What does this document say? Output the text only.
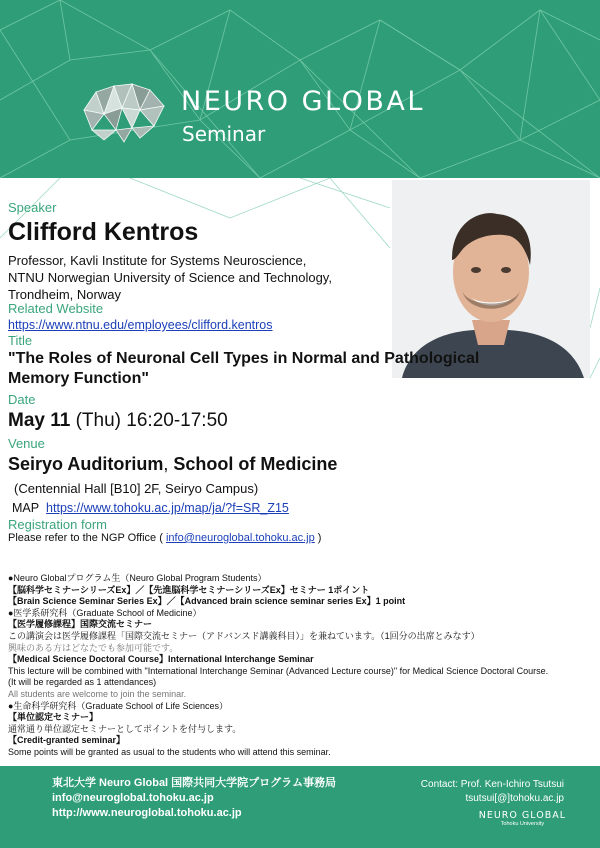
NEURO GLOBAL
Seminar
Speaker
Clifford Kentros
Professor, Kavli Institute for Systems Neuroscience,
NTNU Norwegian University of Science and Technology,
Trondheim, Norway
Related Website
https://www.ntnu.edu/employees/clifford.kentros
Title
"The Roles of Neuronal Cell Types in Normal and Pathological
Memory Function"
Date
May 11 (Thu) 16:20-17:50
Venue
Seiryo Auditorium, School of Medicine
(Centennial Hall [B10] 2F, Seiryo Campus)
MAP https://www.tohoku.ac.jp/map/ja/?f=SR_Z15
Registration form
Please refer to the NGP Office ( info@neuroglobal.tohoku.ac.jp )
●Neuro Globalプログラム生（Neuro Global Program Students）
【脳科学セミナーシリーズEx】／【先進脳科学セミナーシリーズEx】セミナー 1ポイント
【Brain Science Seminar Series Ex】／【Advanced brain science seminar series Ex】1 point
●医学系研究科（Graduate School of Medicine）
【医学履修課程】国際交流セミナー
この講演会は医学履修課程「国際交流セミナー（アドバンスド講義科目）」を兼ねています。（1回分の出席とみなす）
興味のある方はどなたでも参加可能です。
【Medical Science Doctoral Course】International Interchange Seminar
This lecture will be combined with "International Interchange Seminar (Advanced Lecture course)" for Medical Science Doctoral Course.
(It will be regarded as 1 attendances)
All students are welcome to join the seminar.
●生命科学研究科（Graduate School of Life Sciences）
【単位認定セミナー】
通常通り単位認定セミナーとしてポイントを付与します。
【Credit-granted seminar】
Some points will be granted as usual to the students who will attend this seminar.
東北大学 Neuro Global 国際共同大学院プログラム事務局
info@neuroglobal.tohoku.ac.jp
http://www.neuroglobal.tohoku.ac.jp
Contact: Prof. Ken-Ichiro Tsutsui
tsutsui[@]tohoku.ac.jp
NEURO GLOBAL
Tohoku University
